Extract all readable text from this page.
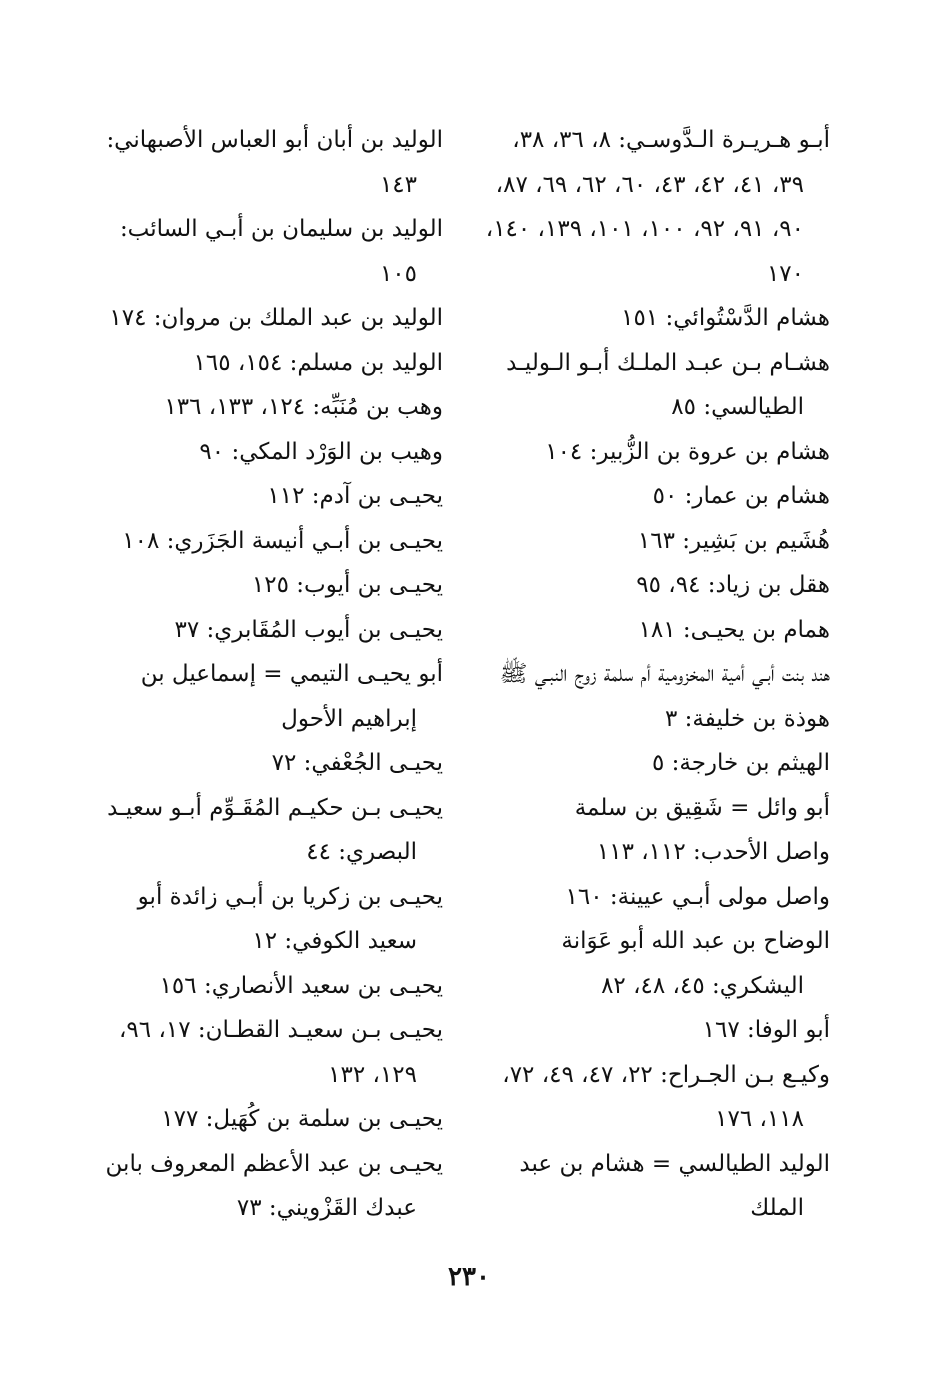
أبـو هـريـرة الـدَّوسـي: ٨، ٣٦، ٣٨، ٣٩، ٤١، ٤٢، ٤٣، ٦٠، ٦٢، ٦٩، ٨٧، ٩٠، ٩١، ٩٢، ١٠٠، ١٠١، ١٣٩، ١٤٠، ١٧٠

هشام الدَّسْتُوائي: ١٥١

هشـام بـن عبـد الملـك أبـو الـوليـد الطيالسي: ٨٥

هشام بن عروة بن الزُّبير: ١٠٤

هشام بن عمار: ٥٠

هُشَيم بن بَشِير: ١٦٣

هقل بن زياد: ٩٤، ٩٥

همام بن يحيـى: ١٨١

هند بنت أبـي أمية المخزومية أم سلمة زوج النبـي ﷺ

هوذة بن خليفة: ٣

الهيثم بن خارجة: ٥

أبو وائل = شَقِيق بن سلمة

واصل الأحدب: ١١٢، ١١٣

واصل مولى أبـي عيينة: ١٦٠

الوضاح بن عبد الله أبو عَوَانة اليشكري: ٤٥، ٤٨، ٨٢

أبو الوفا: ١٦٧

وكيـع بـن الجـراح: ٢٢، ٤٧، ٤٩، ٧٢، ١١٨، ١٧٦

الوليد الطيالسي = هشام بن عبد الملك

الوليد بن أبان أبو العباس الأصبهاني: ١٤٣

الوليد بن سليمان بن أبـي السائب: ١٠٥

الوليد بن عبد الملك بن مروان: ١٧٤

الوليد بن مسلم: ١٥٤، ١٦٥

وهب بن مُنَبِّه: ١٢٤، ١٣٣، ١٣٦

وهيب بن الوَرْد المكي: ٩٠

يحيـى بن آدم: ١١٢

يحيـى بن أبـي أنيسة الجَزَري: ١٠٨

يحيـى بن أيوب: ١٢٥

يحيـى بن أيوب المُقَابري: ٣٧

أبو يحيـى التيمي = إسماعيل بن إبراهيم الأحول

يحيـى الجُعْفي: ٧٢

يحيـى بـن حكيـم المُقَـوِّم أبـو سعيـد البصري: ٤٤

يحيـى بن زكريا بن أبـي زائدة أبو سعيد الكوفي: ١٢

يحيـى بن سعيد الأنصاري: ١٥٦

يحيـى بـن سعيـد القطـان: ١٧، ٩٦، ١٢٩، ١٣٢

يحيـى بن سلمة بن كُهَيل: ١٧٧

يحيـى بن عبد الأعظم المعروف بابن عبدك القَزْويني: ٧٣

٢٣٠
